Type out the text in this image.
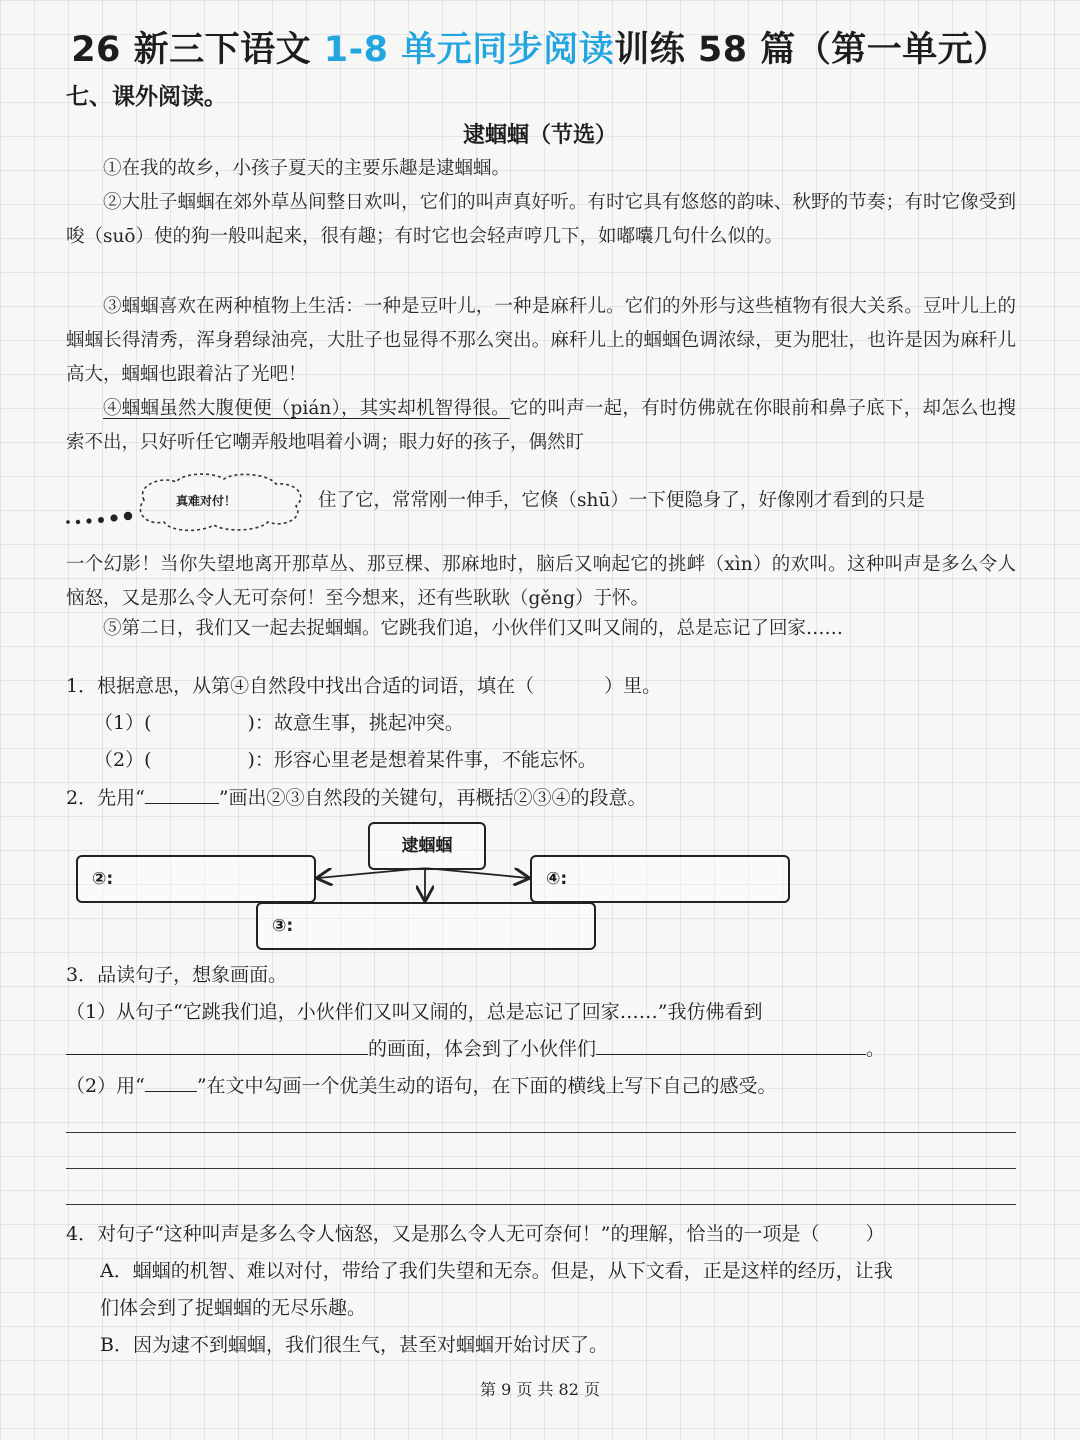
26 新三下语文 1-8 单元同步阅读训练 58 篇（第一单元）
七、课外阅读。
逮蝈蝈（节选）

①在我的故乡，小孩子夏天的主要乐趣是逮蝈蝈。

②大肚子蝈蝈在郊外草丛间整日欢叫，它们的叫声真好听。有时它具有悠悠的韵味、秋野的节奏；有时它像受到唆（suō）使的狗一般叫起来，很有趣；有时它也会轻声哼几下，如嘟囔几句什么似的。

③蝈蝈喜欢在两种植物上生活：一种是豆叶儿，一种是麻秆儿。它们的外形与这些植物有很大关系。豆叶儿上的蝈蝈长得清秀，浑身碧绿油亮，大肚子也显得不那么突出。麻秆儿上的蝈蝈色调浓绿，更为肥壮，也许是因为麻秆儿高大，蝈蝈也跟着沾了光吧！

④蝈蝈虽然大腹便便（pián），其实却机智得很。它的叫声一起，有时仿佛就在你眼前和鼻子底下，却怎么也搜索不出，只好听任它嘲弄般地唱着小调；眼力好的孩子，偶然盯

真难对付！	住了它，常常刚一伸手，它倏（shū）一下便隐身了，好像刚才看到的只是

一个幻影！当你失望地离开那草丛、那豆棵、那麻地时，脑后又响起它的挑衅（xìn）的欢叫。这种叫声是多么令人恼怒，又是那么令人无可奈何！至今想来，还有些耿耿（gěng）于怀。

⑤第二日，我们又一起去捉蝈蝈。它跳我们追，小伙伴们又叫又闹的，总是忘记了回家……

1．根据意思，从第④自然段中找出合适的词语，填在（	）里。
（1）(	)：故意生事，挑起冲突。
（2）(	)：形容心里老是想着某件事，不能忘怀。
2．先用“	”画出②③自然段的关键句，再概括②③④的段意。
逮蝈蝈
②:	④:
③:
3．品读句子，想象画面。
（1）从句子“它跳我们追，小伙伴们又叫又闹的，总是忘记了回家……”我仿佛看到
的画面，体会到了小伙伴们	。
（2）用“	”在文中勾画一个优美生动的语句，在下面的横线上写下自己的感受。
4．对句子“这种叫声是多么令人恼怒，又是那么令人无可奈何！”的理解，恰当的一项是（ ）
A．蝈蝈的机智、难以对付，带给了我们失望和无奈。但是，从下文看，正是这样的经历，让我
们体会到了捉蝈蝈的无尽乐趣。
B．因为逮不到蝈蝈，我们很生气，甚至对蝈蝈开始讨厌了。
第 9 页 共 82 页
